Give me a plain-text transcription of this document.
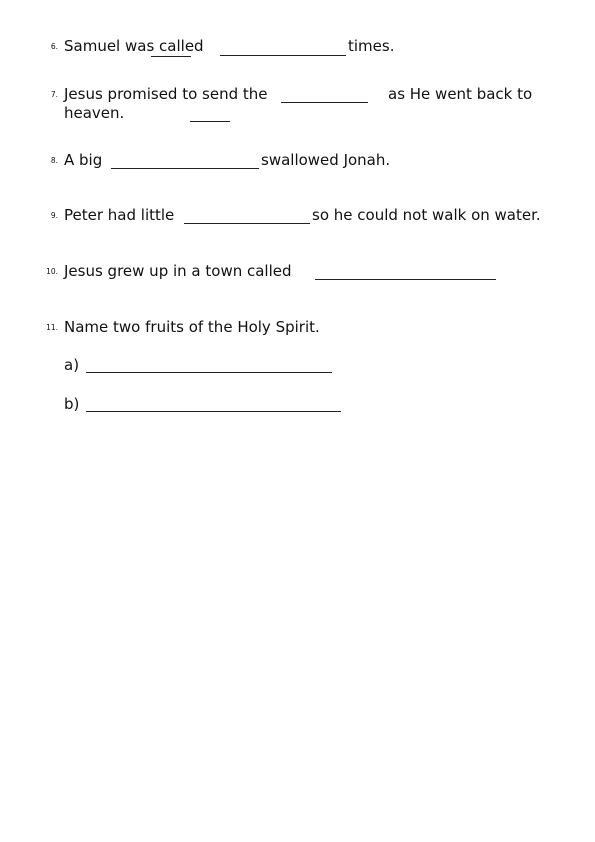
6. Samuel was called	times.
7. Jesus promised to send the	as He went back to
heaven.
8. A big	swallowed Jonah.
9. Peter had little	so he could not walk on water.
10. Jesus grew up in a town called
11. Name two fruits of the Holy Spirit.
a)
b)
